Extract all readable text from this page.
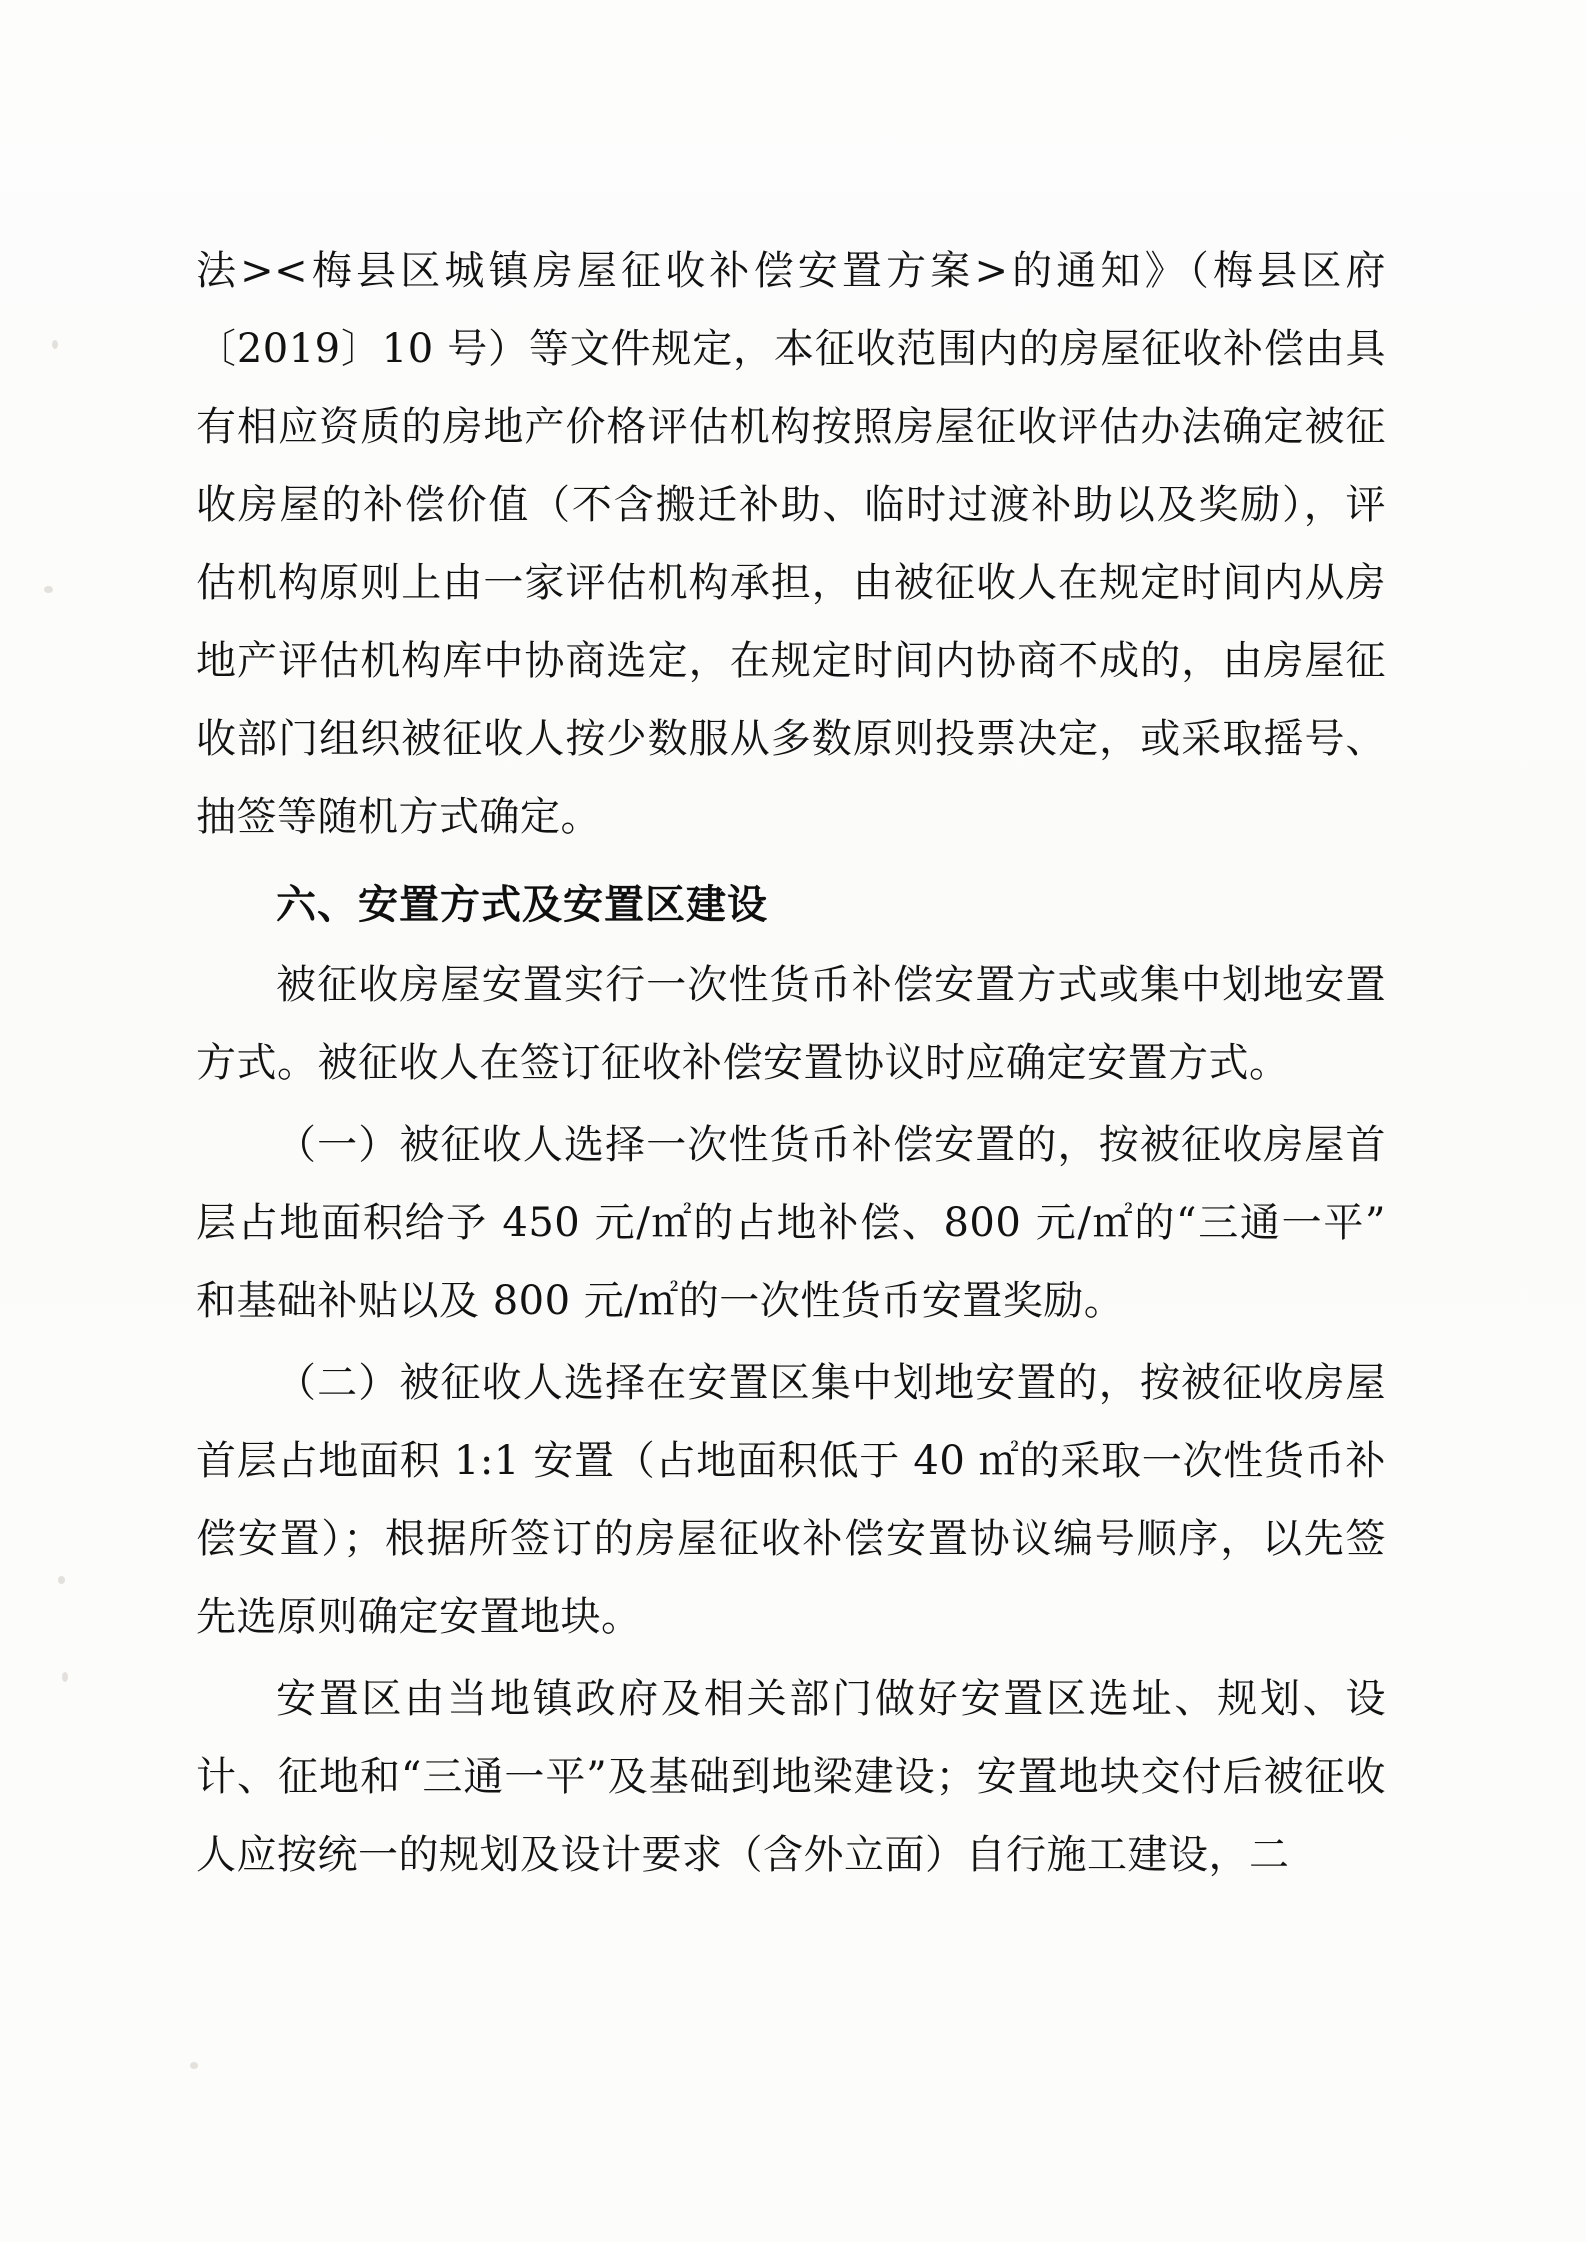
法><梅县区城镇房屋征收补偿安置方案>的通知》（梅县区府〔2019〕10 号）等文件规定，本征收范围内的房屋征收补偿由具有相应资质的房地产价格评估机构按照房屋征收评估办法确定被征收房屋的补偿价值（不含搬迁补助、临时过渡补助以及奖励），评估机构原则上由一家评估机构承担，由被征收人在规定时间内从房地产评估机构库中协商选定，在规定时间内协商不成的，由房屋征收部门组织被征收人按少数服从多数原则投票决定，或采取摇号、抽签等随机方式确定。

六、安置方式及安置区建设

被征收房屋安置实行一次性货币补偿安置方式或集中划地安置方式。被征收人在签订征收补偿安置协议时应确定安置方式。

（一）被征收人选择一次性货币补偿安置的，按被征收房屋首层占地面积给予 450 元/㎡的占地补偿、800 元/㎡的“三通一平”和基础补贴以及 800 元/㎡的一次性货币安置奖励。

（二）被征收人选择在安置区集中划地安置的，按被征收房屋首层占地面积 1:1 安置（占地面积低于 40 ㎡的采取一次性货币补偿安置）；根据所签订的房屋征收补偿安置协议编号顺序，以先签先选原则确定安置地块。

安置区由当地镇政府及相关部门做好安置区选址、规划、设计、征地和“三通一平”及基础到地梁建设；安置地块交付后被征收人应按统一的规划及设计要求（含外立面）自行施工建设，二
